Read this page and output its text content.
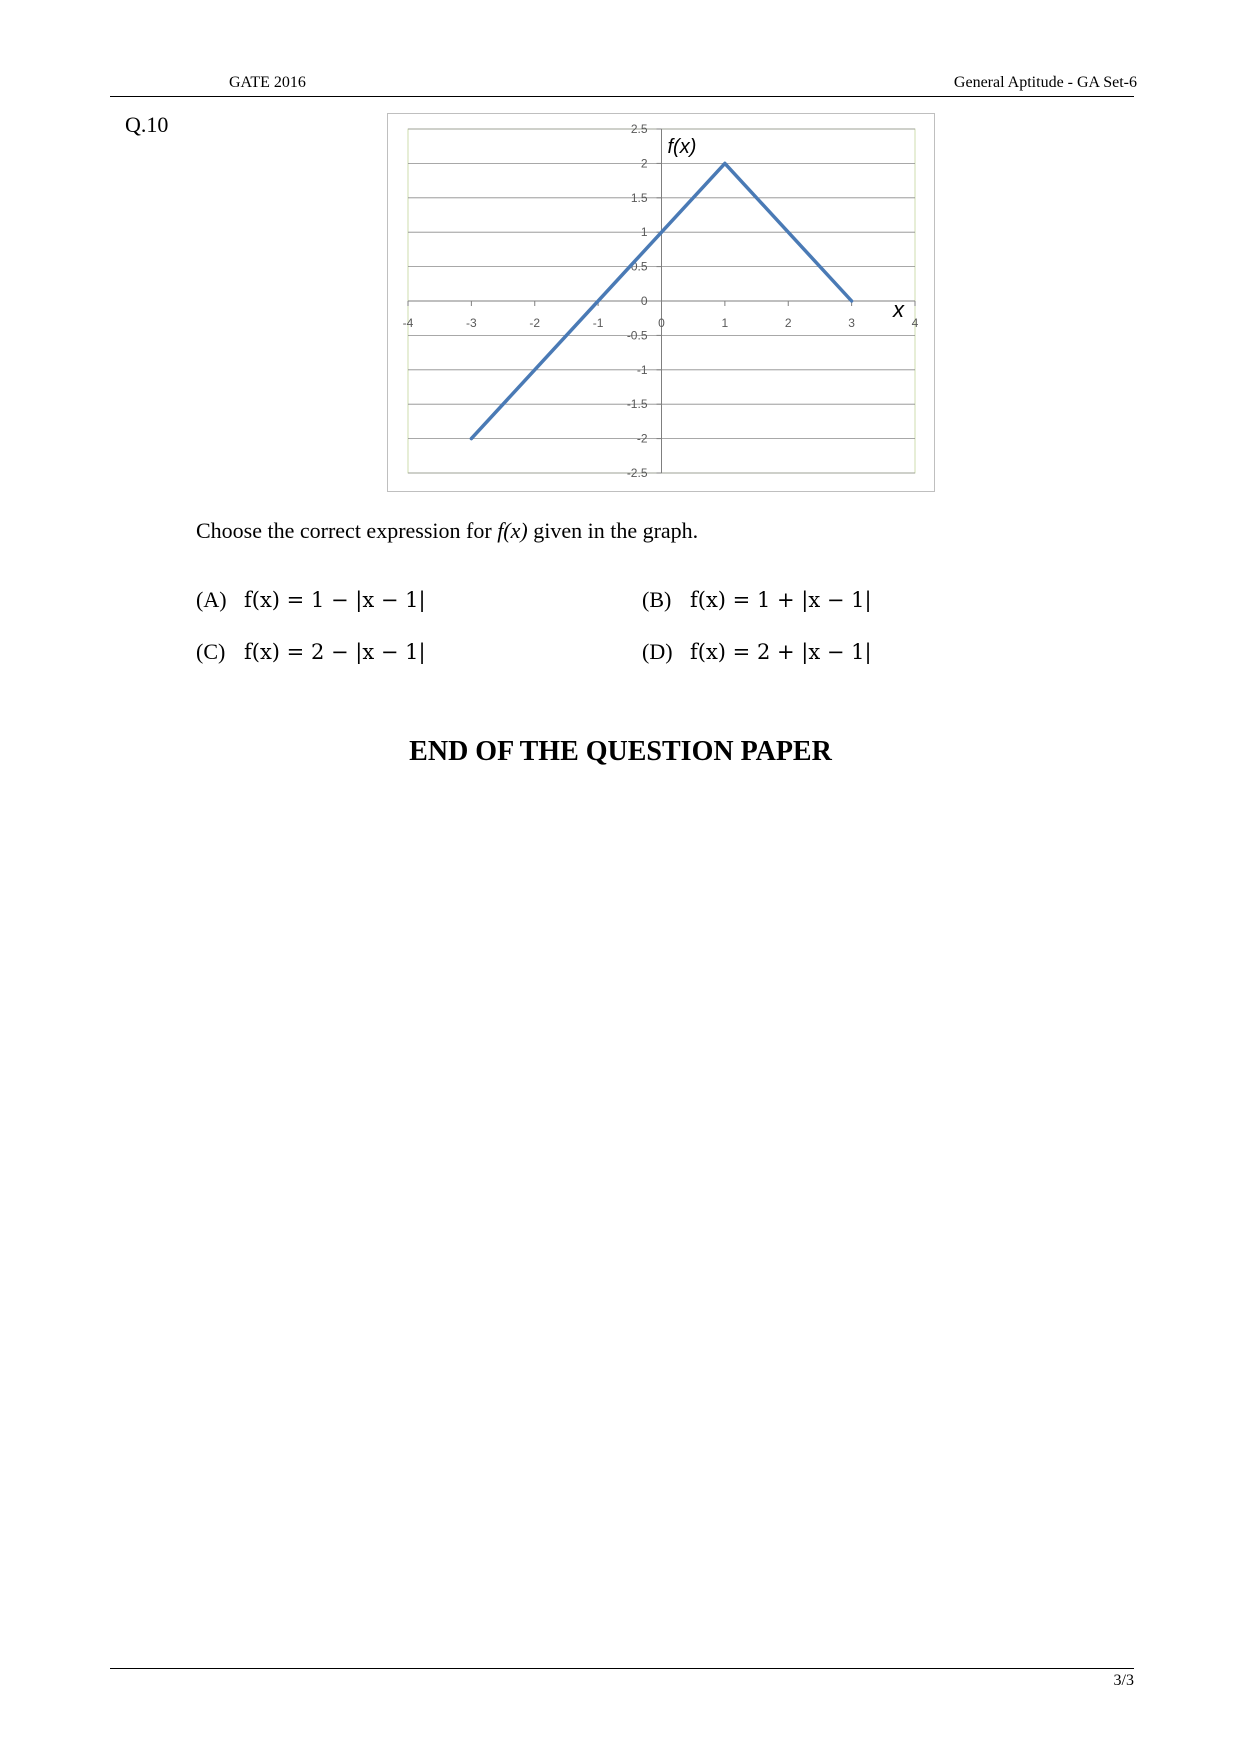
GATE 2016	General Aptitude - GA Set-6
Q.10
-4	-3	-2	-1	0	1	2	3	4
2.5
2
1.5
1
0.5
0
-0.5
-1
-1.5
-2
-2.5
f(x)
x
Choose the correct expression for f(x) given in the graph.
(A) f(x) = 1 − |x − 1|	(B) f(x) = 1 + |x − 1|
(C) f(x) = 2 − |x − 1|	(D) f(x) = 2 + |x − 1|
END OF THE QUESTION PAPER
3/3
